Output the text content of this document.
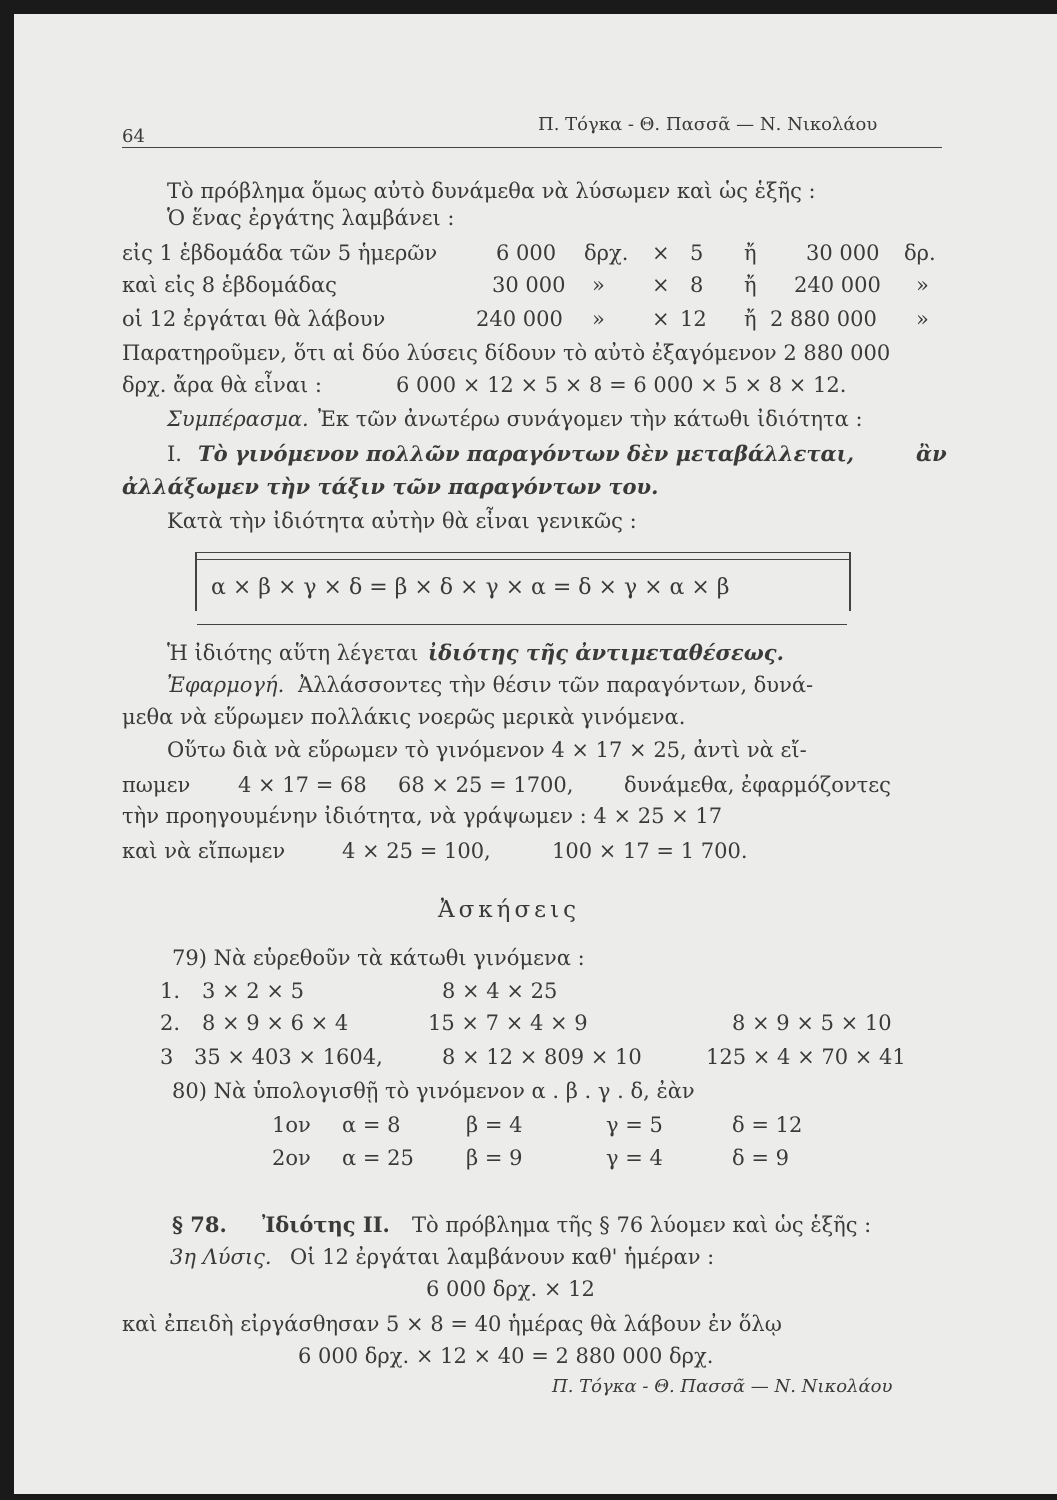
64
Π. Τόγκα - Θ. Πασσᾶ — Ν. Νικολάου
Τὸ πρόβλημα ὅμως αὐτὸ δυνάμεθα νὰ λύσωμεν καὶ ὡς ἑξῆς :
Ὁ ἕνας ἐργάτης λαμβάνει :
εἰς 1 ἑβδομάδα τῶν 5 ἡμερῶν	6 000 δρχ. × 5 ἤ 30 000 δρ.
καὶ εἰς 8 ἑβδομάδας	30 000 » × 8 ἤ 240 000 »
οἱ 12 ἐργάται θὰ λάβουν	240 000 » × 12 ἤ 2 880 000 »
Παρατηροῦμεν, ὅτι αἱ δύο λύσεις δίδουν τὸ αὐτὸ ἐξαγόμενον 2 880 000
δρχ. ἄρα θὰ εἶναι :	6 000 × 12 × 5 × 8 = 6 000 × 5 × 8 × 12.
Συμπέρασμα. Ἐκ τῶν ἀνωτέρω συνάγομεν τὴν κάτωθι ἰδιότητα :
Ι. Τὸ γινόμενον πολλῶν παραγόντων δὲν μεταβάλλεται,	ἂν
ἀλλάξωμεν τὴν τάξιν τῶν παραγόντων του.
Κατὰ τὴν ἰδιότητα αὐτὴν θὰ εἶναι γενικῶς :
α × β × γ × δ = β × δ × γ × α = δ × γ × α × β
Ἡ ἰδιότης αὕτη λέγεται ἰδιότης τῆς ἀντιμεταθέσεως.
Ἐφαρμογή. Ἀλλάσσοντες τὴν θέσιν τῶν παραγόντων, δυνά-
μεθα νὰ εὕρωμεν πολλάκις νοερῶς μερικὰ γινόμενα.
Οὕτω διὰ νὰ εὕρωμεν τὸ γινόμενον 4 × 17 × 25, ἀντὶ νὰ εἴ-
πωμεν 4 × 17 = 68 68 × 25 = 1700, δυνάμεθα, ἐφαρμόζοντες
τὴν προηγουμένην ἰδιότητα, νὰ γράψωμεν : 4 × 25 × 17
καὶ νὰ εἴπωμεν	4 × 25 = 100,	100 × 17 = 1 700.
Ἀσκήσεις
79) Νὰ εὑρεθοῦν τὰ κάτωθι γινόμενα :
1. 3 × 2 × 5	8 × 4 × 25
2. 8 × 9 × 6 × 4	15 × 7 × 4 × 9	8 × 9 × 5 × 10
3 35 × 403 × 1604,	8 × 12 × 809 × 10	125 × 4 × 70 × 41
80) Νὰ ὑπολογισθῇ τὸ γινόμενον α . β . γ . δ, ἐὰν
1ον α = 8	β = 4	γ = 5	δ = 12
2ον α = 25 β = 9	γ = 4	δ = 9
§ 78. Ἰδιότης ΙΙ. Τὸ πρόβλημα τῆς § 76 λύομεν καὶ ὡς ἑξῆς :
3η Λύσις. Οἱ 12 ἐργάται λαμβάνουν καθ' ἡμέραν :
6 000 δρχ. × 12
καὶ ἐπειδὴ εἰργάσθησαν 5 × 8 = 40 ἡμέρας θὰ λάβουν ἐν ὅλῳ
6 000 δρχ. × 12 × 40 = 2 880 000 δρχ.
Π. Τόγκα - Θ. Πασσᾶ — Ν. Νικολάου
